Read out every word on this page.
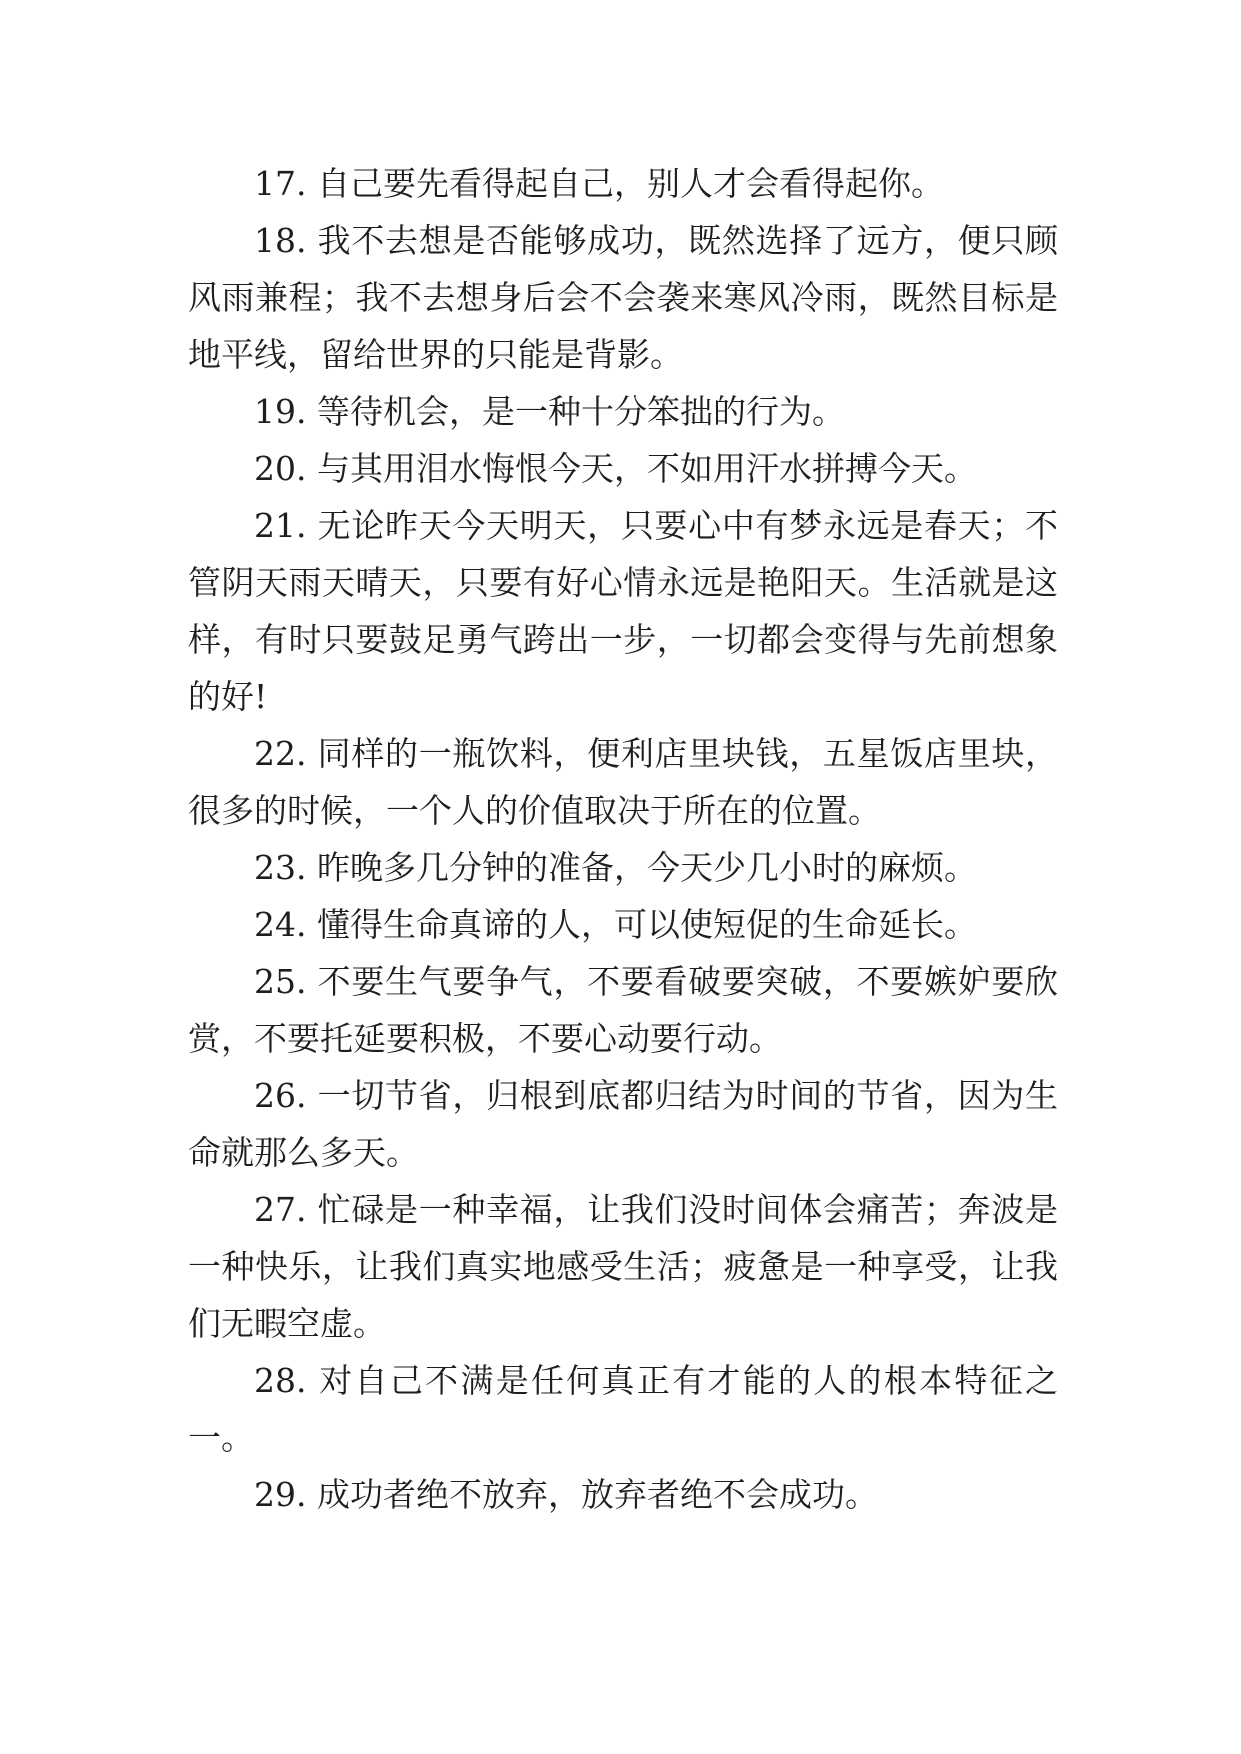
17. 自己要先看得起自己，别人才会看得起你。

18. 我不去想是否能够成功，既然选择了远方，便只顾风雨兼程；我不去想身后会不会袭来寒风冷雨，既然目标是地平线，留给世界的只能是背影。

19. 等待机会，是一种十分笨拙的行为。

20. 与其用泪水悔恨今天，不如用汗水拼搏今天。

21. 无论昨天今天明天，只要心中有梦永远是春天；不管阴天雨天晴天，只要有好心情永远是艳阳天。生活就是这样，有时只要鼓足勇气跨出一步，一切都会变得与先前想象的好!

22. 同样的一瓶饮料，便利店里块钱，五星饭店里块，很多的时候，一个人的价值取决于所在的位置。

23. 昨晚多几分钟的准备，今天少几小时的麻烦。

24. 懂得生命真谛的人，可以使短促的生命延长。

25. 不要生气要争气，不要看破要突破，不要嫉妒要欣赏，不要托延要积极，不要心动要行动。

26. 一切节省，归根到底都归结为时间的节省，因为生命就那么多天。

27. 忙碌是一种幸福，让我们没时间体会痛苦；奔波是一种快乐，让我们真实地感受生活；疲惫是一种享受，让我们无暇空虚。

28. 对自己不满是任何真正有才能的人的根本特征之一。

29. 成功者绝不放弃，放弃者绝不会成功。
